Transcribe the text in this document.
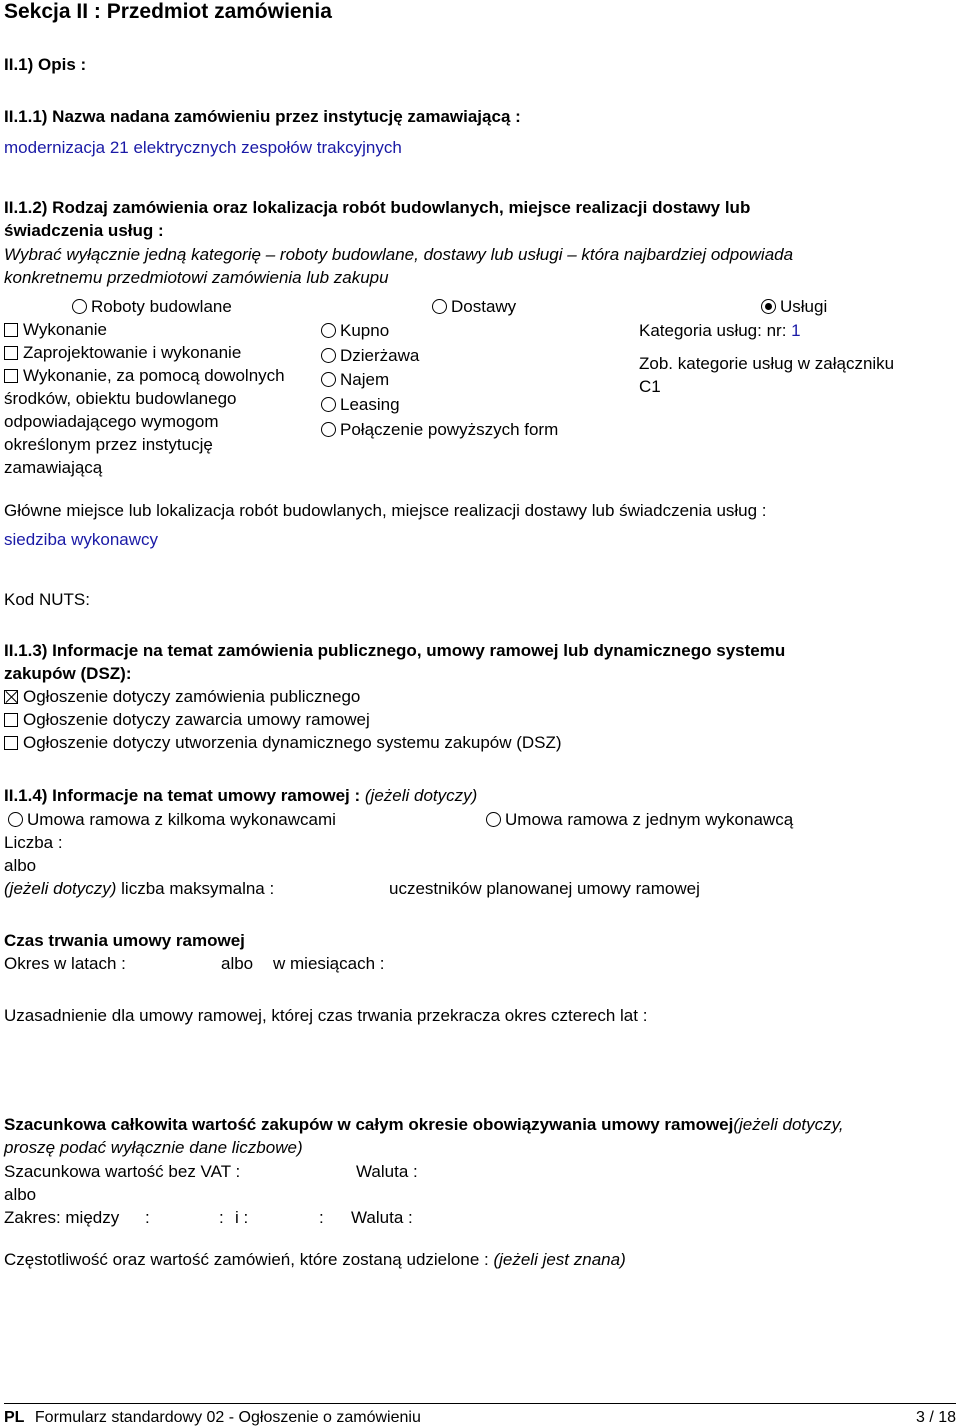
Sekcja II : Przedmiot zamówienia
II.1) Opis :
II.1.1) Nazwa nadana zamówieniu przez instytucję zamawiającą :
modernizacja 21 elektrycznych zespołów trakcyjnych
II.1.2) Rodzaj zamówienia oraz lokalizacja robót budowlanych, miejsce realizacji dostawy lub
świadczenia usług :
Wybrać wyłącznie jedną kategorię – roboty budowlane, dostawy lub usługi – która najbardziej odpowiada
konkretnemu przedmiotowi zamówienia lub zakupu
Roboty budowlane	Dostawy	Usługi
Wykonanie
Zaprojektowanie i wykonanie
Wykonanie, za pomocą dowolnych
środków, obiektu budowlanego
odpowiadającego wymogom
określonym przez instytucję
zamawiającą
Kupno
Dzierżawa
Najem
Leasing
Połączenie powyższych form
Kategoria usług: nr: 1
Zob. kategorie usług w załączniku
C1
Główne miejsce lub lokalizacja robót budowlanych, miejsce realizacji dostawy lub świadczenia usług :
siedziba wykonawcy
Kod NUTS:
II.1.3) Informacje na temat zamówienia publicznego, umowy ramowej lub dynamicznego systemu
zakupów (DSZ):
Ogłoszenie dotyczy zamówienia publicznego
Ogłoszenie dotyczy zawarcia umowy ramowej
Ogłoszenie dotyczy utworzenia dynamicznego systemu zakupów (DSZ)
II.1.4) Informacje na temat umowy ramowej : (jeżeli dotyczy)
Umowa ramowa z kilkoma wykonawcami	Umowa ramowa z jednym wykonawcą
Liczba :
albo
(jeżeli dotyczy) liczba maksymalna :	uczestników planowanej umowy ramowej
Czas trwania umowy ramowej
Okres w latach :	albo w miesiącach :
Uzasadnienie dla umowy ramowej, której czas trwania przekracza okres czterech lat :
Szacunkowa całkowita wartość zakupów w całym okresie obowiązywania umowy ramowej(jeżeli dotyczy,
proszę podać wyłącznie dane liczbowe)
Szacunkowa wartość bez VAT :	Waluta :
albo
Zakres: między :	: i :	: Waluta :
Częstotliwość oraz wartość zamówień, które zostaną udzielone : (jeżeli jest znana)
PL Formularz standardowy 02 - Ogłoszenie o zamówieniu	3 / 18
